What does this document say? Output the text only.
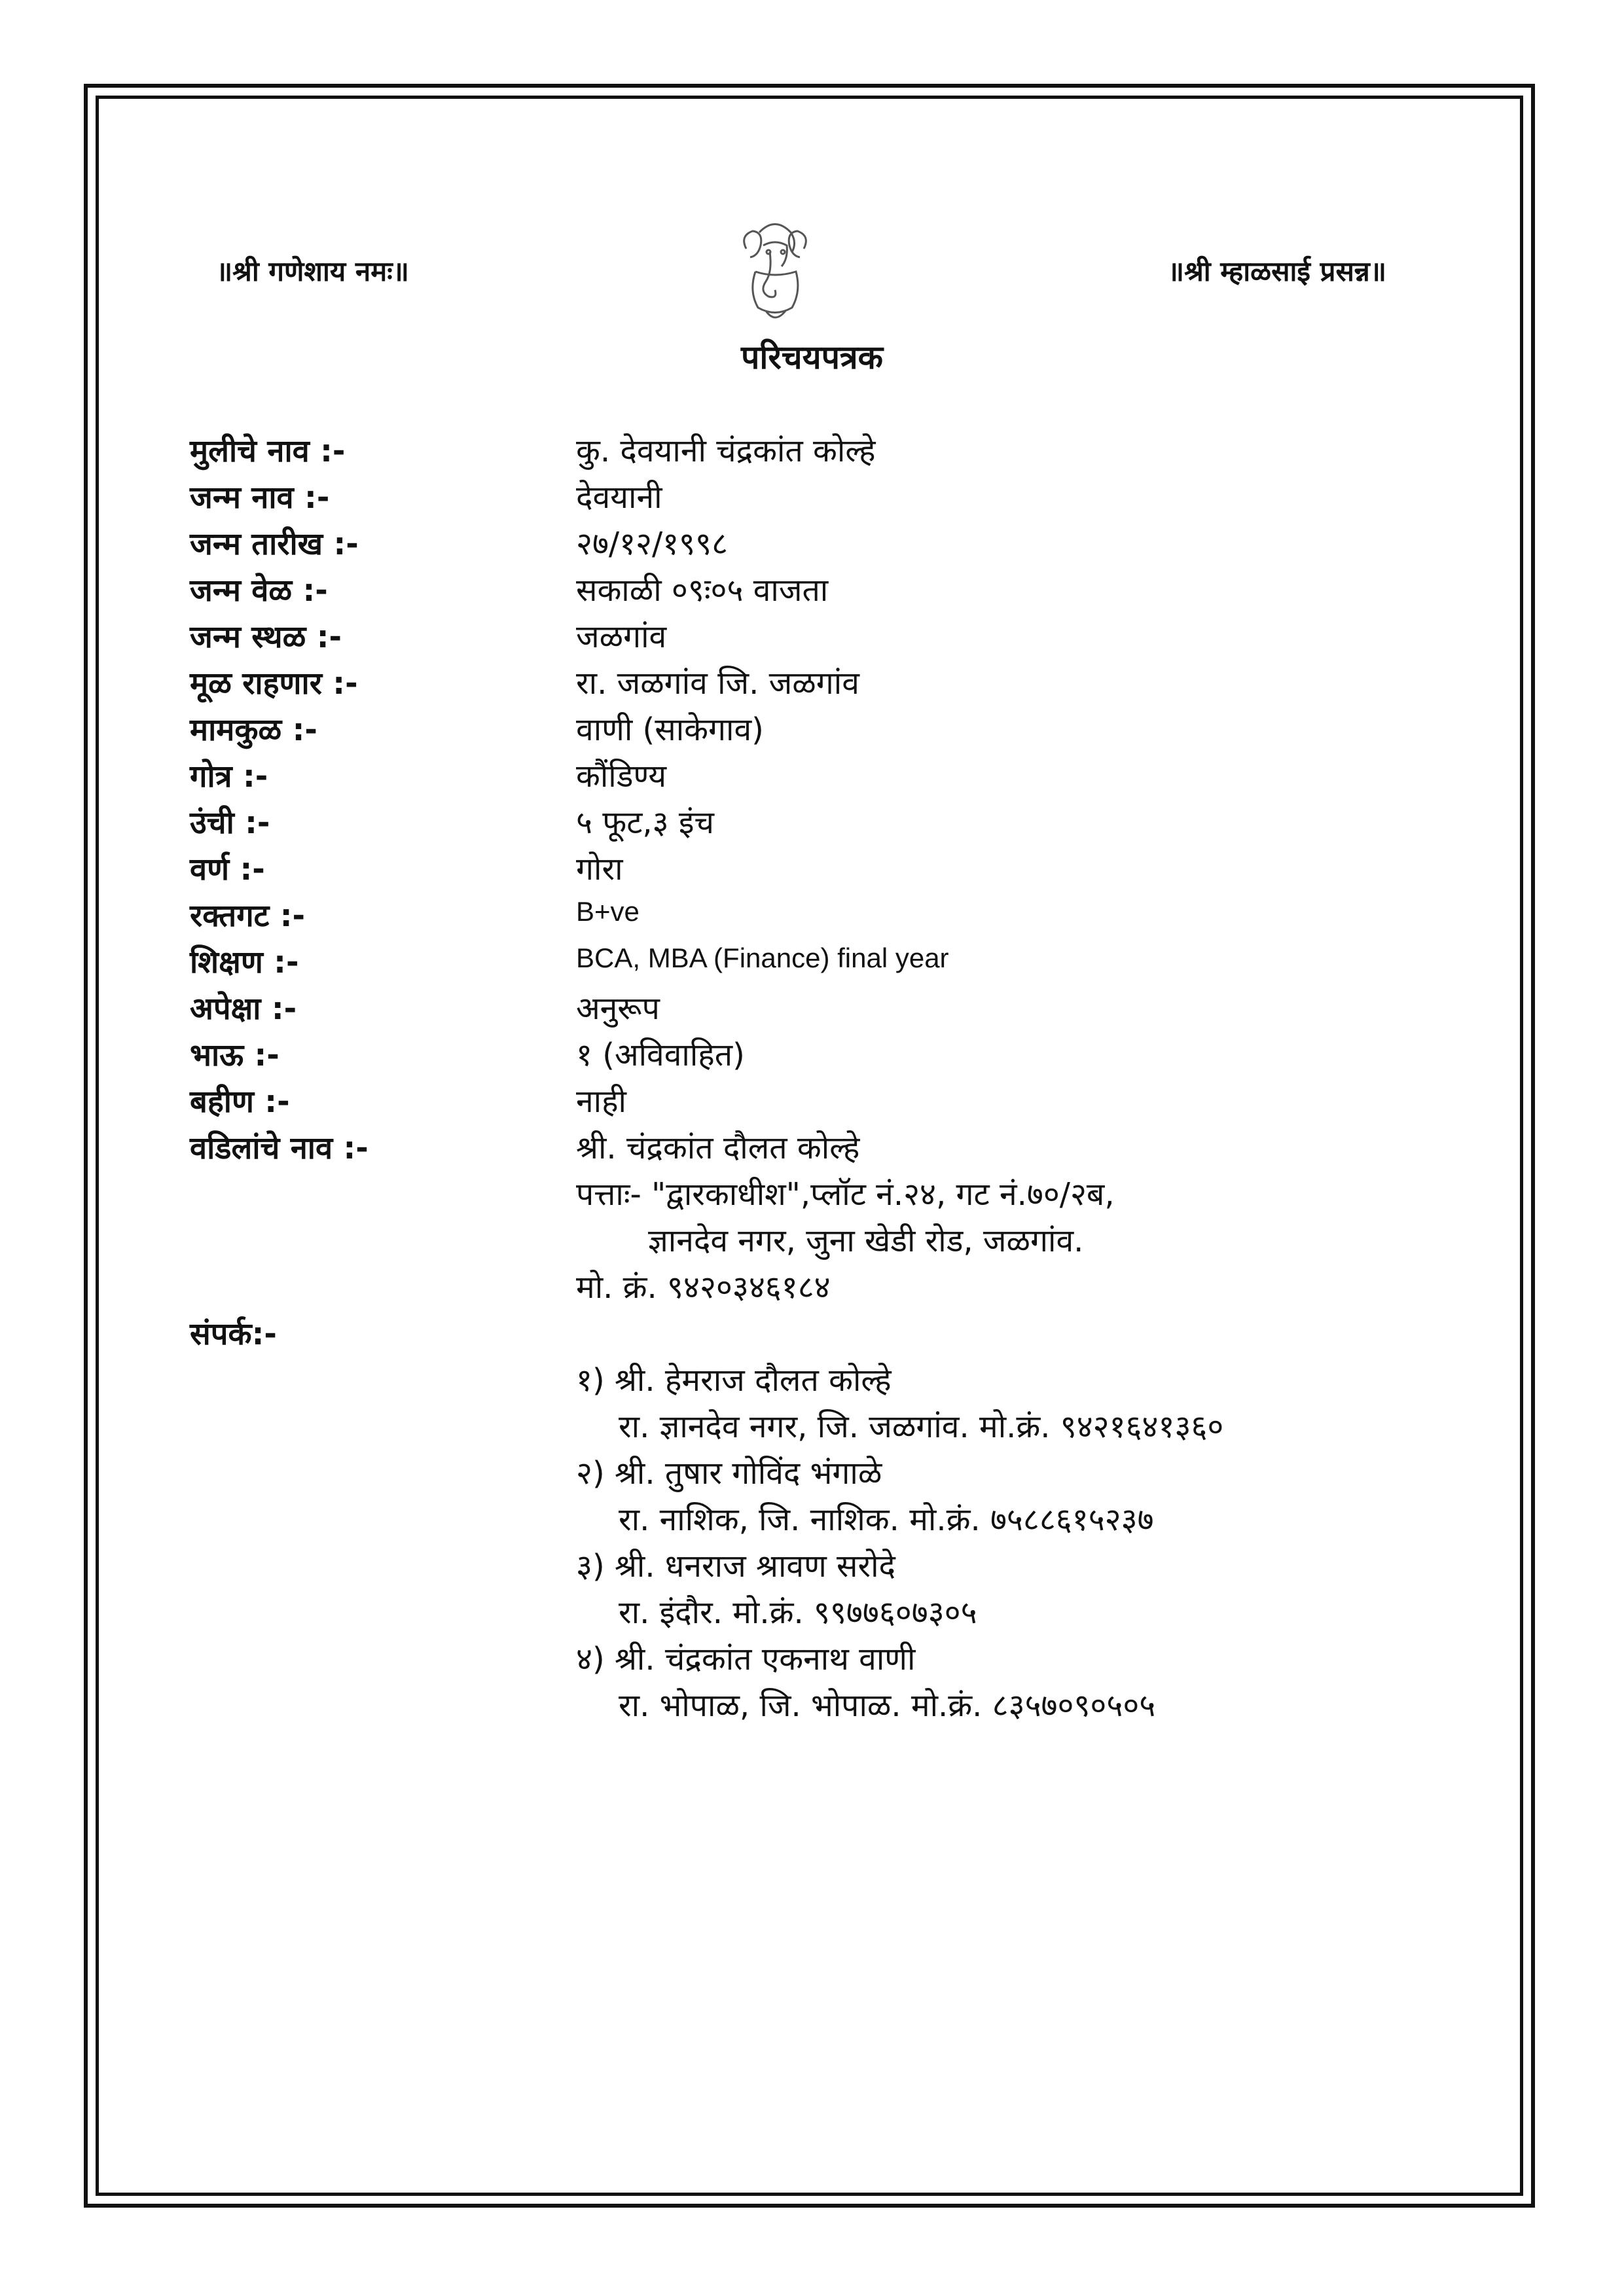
॥श्री गणेशाय नमः॥	॥श्री म्हाळसाई प्रसन्न॥
परिचयपत्रक
मुलीचे नाव :-	कु. देवयानी चंद्रकांत कोल्हे
जन्म नाव :-	देवयानी
जन्म तारीख :-	२७/१२/१९९८
जन्म वेळ :-	सकाळी ०९ः०५ वाजता
जन्म स्थळ :-	जळगांव
मूळ राहणार :-	रा. जळगांव जि. जळगांव
मामकुळ :-	वाणी (साकेगाव)
गोत्र :-	कौंडिण्य
उंची :-	५ फूट,३ इंच
वर्ण :-	गोरा
रक्तगट :-	B+ve
शिक्षण :-	BCA, MBA (Finance) final year
अपेक्षा :-	अनुरूप
भाऊ :-	१ (अविवाहित)
बहीण :-	नाही
वडिलांचे नाव :-	श्री. चंद्रकांत दौलत कोल्हे
पत्ताः- "द्वारकाधीश",प्लॉट नं.२४, गट नं.७०/२ब,
ज्ञानदेव नगर, जुना खेडी रोड, जळगांव.
मो. क्रं. ९४२०३४६१८४
संपर्क:-
१) श्री. हेमराज दौलत कोल्हे
रा. ज्ञानदेव नगर, जि. जळगांव. मो.क्रं. ९४२१६४१३६०
२) श्री. तुषार गोविंद भंगाळे
रा. नाशिक, जि. नाशिक. मो.क्रं. ७५८८६१५२३७
३) श्री. धनराज श्रावण सरोदे
रा. इंदौर. मो.क्रं. ९९७७६०७३०५
४) श्री. चंद्रकांत एकनाथ वाणी
रा. भोपाळ, जि. भोपाळ. मो.क्रं. ८३५७०९०५०५
